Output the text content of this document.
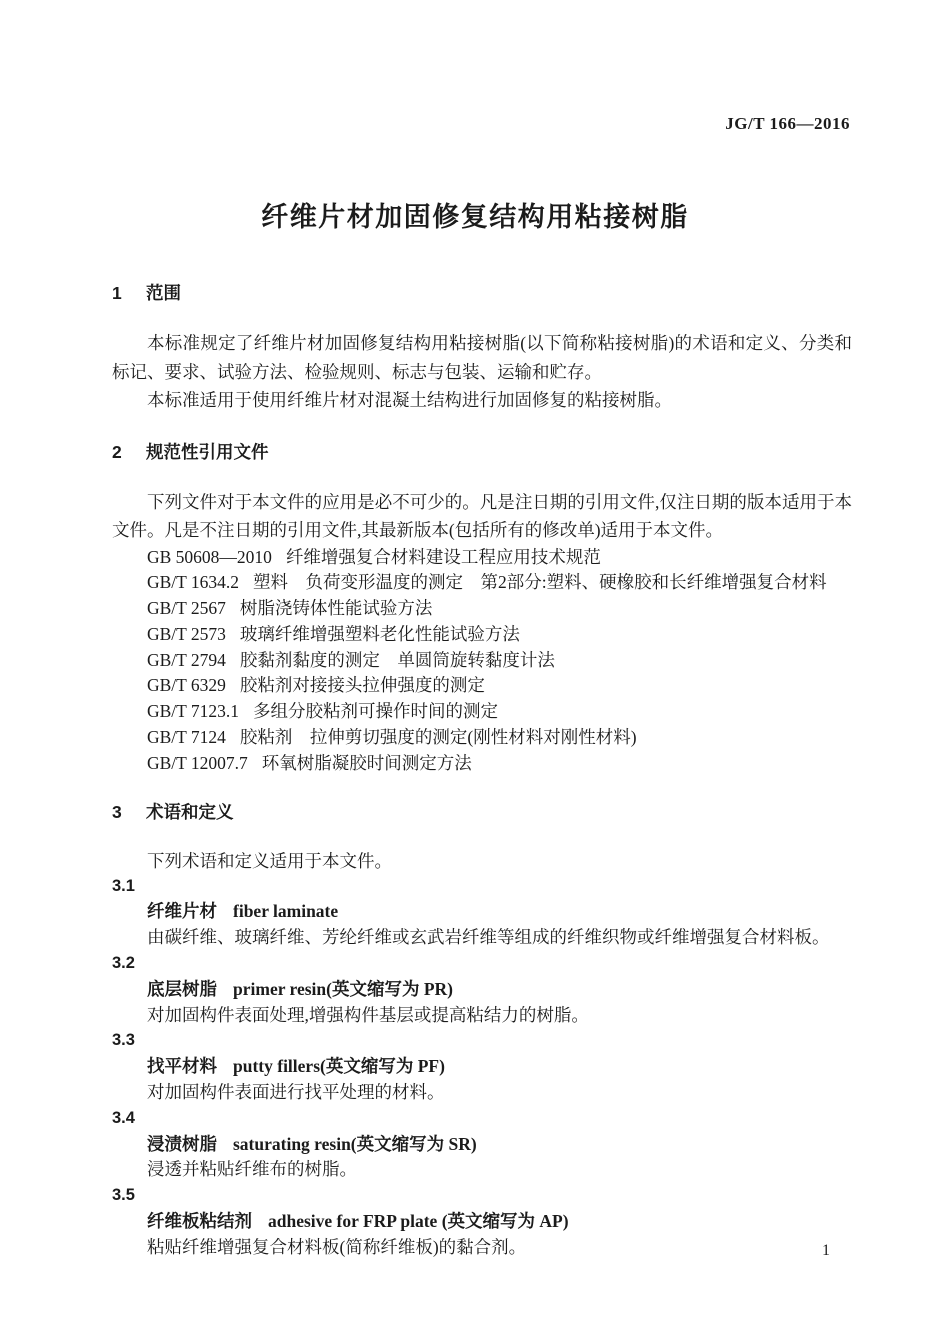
JG/T 166—2016
纤维片材加固修复结构用粘接树脂
1 范围

本标准规定了纤维片材加固修复结构用粘接树脂(以下简称粘接树脂)的术语和定义、分类和标记、要求、试验方法、检验规则、标志与包装、运输和贮存。

本标准适用于使用纤维片材对混凝土结构进行加固修复的粘接树脂。

2 规范性引用文件

下列文件对于本文件的应用是必不可少的。凡是注日期的引用文件,仅注日期的版本适用于本文件。凡是不注日期的引用文件,其最新版本(包括所有的修改单)适用于本文件。

GB 50608—2010 纤维增强复合材料建设工程应用技术规范
GB/T 1634.2 塑料　负荷变形温度的测定　第2部分:塑料、硬橡胶和长纤维增强复合材料
GB/T 2567 树脂浇铸体性能试验方法
GB/T 2573 玻璃纤维增强塑料老化性能试验方法
GB/T 2794 胶黏剂黏度的测定　单圆筒旋转黏度计法
GB/T 6329 胶粘剂对接接头拉伸强度的测定
GB/T 7123.1 多组分胶粘剂可操作时间的测定
GB/T 7124 胶粘剂　拉伸剪切强度的测定(刚性材料对刚性材料)
GB/T 12007.7 环氧树脂凝胶时间测定方法
3 术语和定义

下列术语和定义适用于本文件。

3.1
纤维片材 fiber laminate
由碳纤维、玻璃纤维、芳纶纤维或玄武岩纤维等组成的纤维织物或纤维增强复合材料板。
3.2
底层树脂 primer resin(英文缩写为 PR)
对加固构件表面处理,增强构件基层或提高粘结力的树脂。
3.3
找平材料 putty fillers(英文缩写为 PF)
对加固构件表面进行找平处理的材料。
3.4
浸渍树脂 saturating resin(英文缩写为 SR)
浸透并粘贴纤维布的树脂。
3.5
纤维板粘结剂 adhesive for FRP plate (英文缩写为 AP)
粘贴纤维增强复合材料板(简称纤维板)的黏合剂。	1
